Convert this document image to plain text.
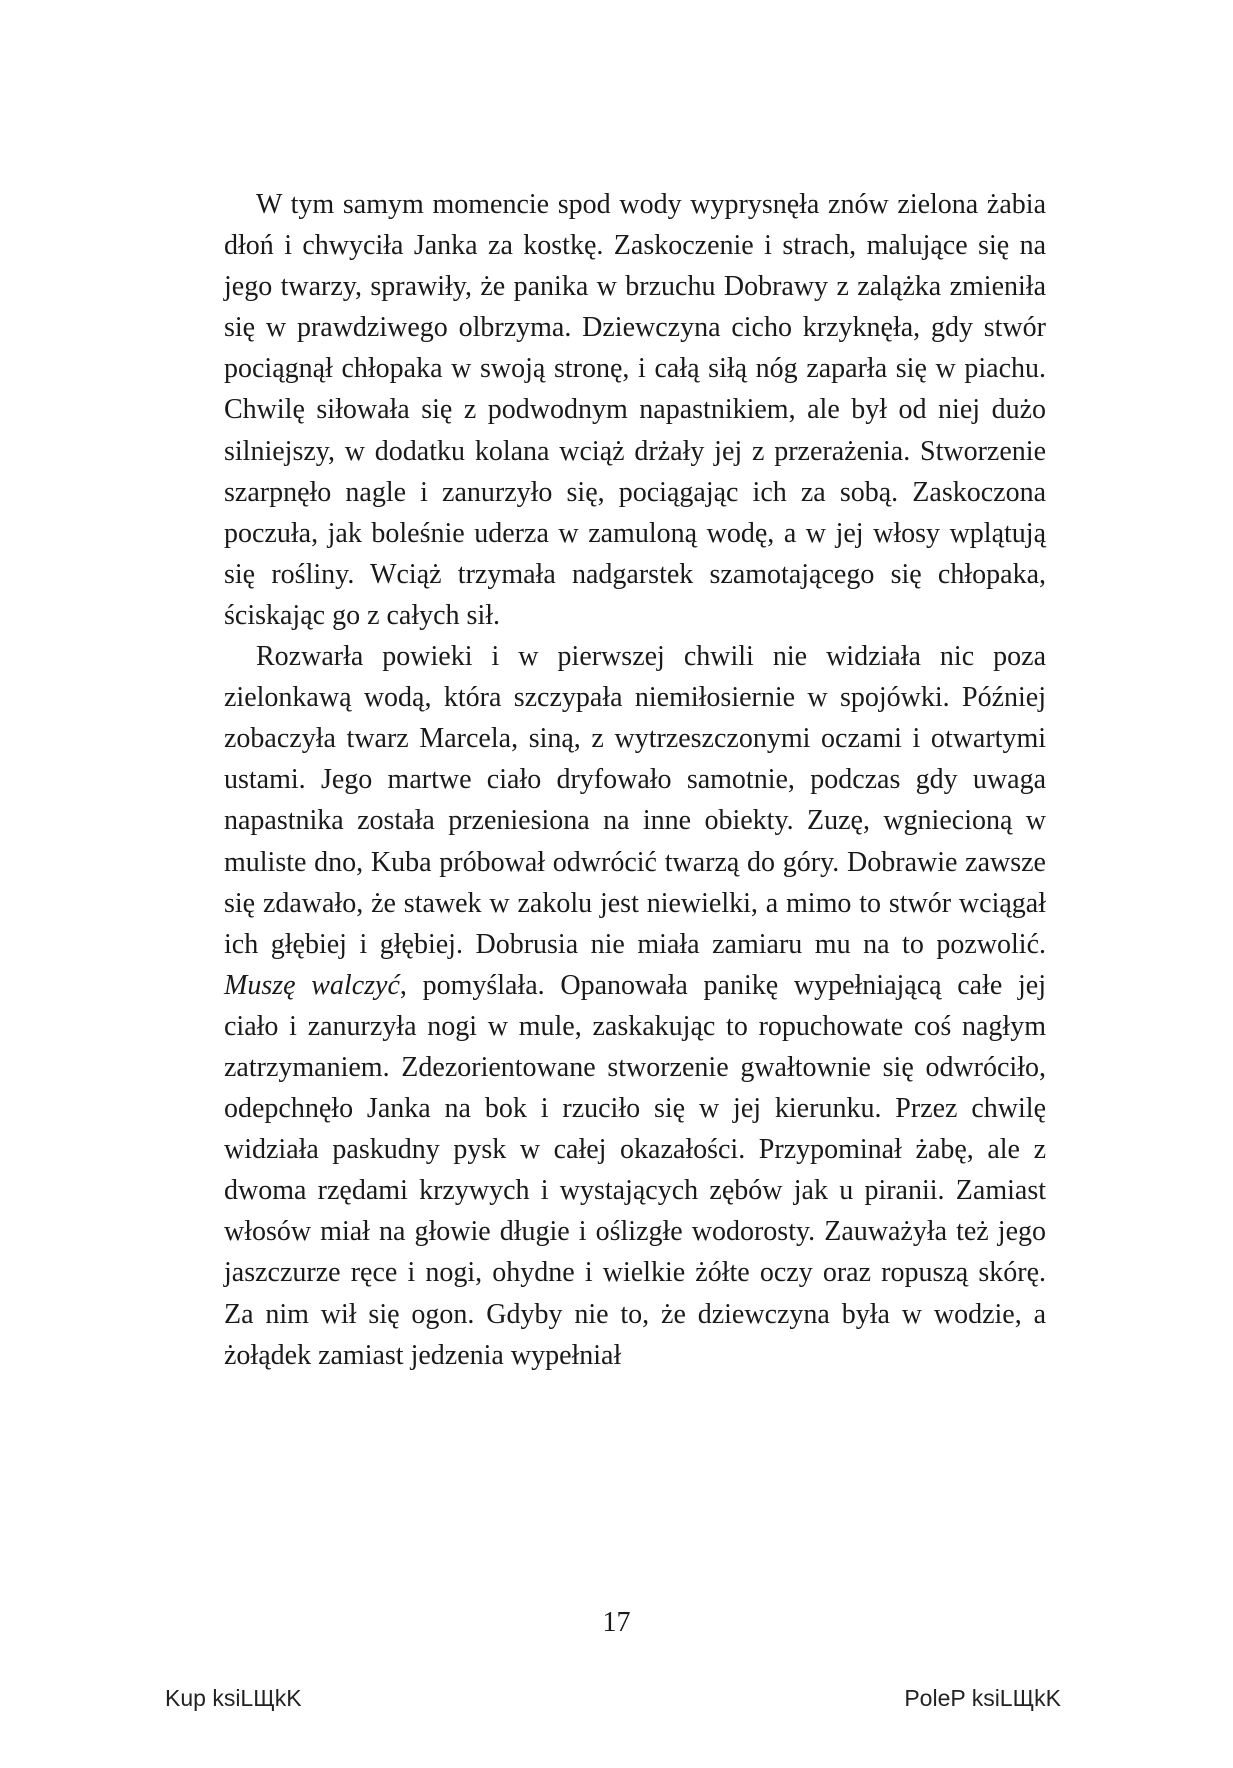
W tym samym momencie spod wody wyprysnęła znów zielona żabia dłoń i chwyciła Janka za kostkę. Zaskoczenie i strach, malujące się na jego twarzy, sprawiły, że panika w brzuchu Dobrawy z zalążka zmieniła się w prawdziwego olbrzyma. Dziewczyna cicho krzyknęła, gdy stwór pociągnął chłopaka w swoją stronę, i całą siłą nóg zaparła się w piachu. Chwilę siłowała się z podwodnym napastnikiem, ale był od niej dużo silniejszy, w dodatku kolana wciąż drżały jej z przerażenia. Stworzenie szarpnęło nagle i zanurzyło się, pociągając ich za sobą. Zaskoczona poczuła, jak boleśnie uderza w zamuloną wodę, a w jej włosy wplątują się rośliny. Wciąż trzymała nadgarstek szamotającego się chłopaka, ściskając go z całych sił.

Rozwarła powieki i w pierwszej chwili nie widziała nic poza zielonkawą wodą, która szczypała niemiłosiernie w spojówki. Później zobaczyła twarz Marcela, siną, z wytrzeszczonymi oczami i otwartymi ustami. Jego martwe ciało dryfowało samotnie, podczas gdy uwaga napastnika została przeniesiona na inne obiekty. Zuzę, wgniecioną w muliste dno, Kuba próbował odwrócić twarzą do góry. Dobrawie zawsze się zdawało, że stawek w zakolu jest niewielki, a mimo to stwór wciągał ich głębiej i głębiej. Dobrusia nie miała zamiaru mu na to pozwolić. Muszę walczyć, pomyślała. Opanowała panikę wypełniającą całe jej ciało i zanurzyła nogi w mule, zaskakując to ropuchowate coś nagłym zatrzymaniem. Zdezorientowane stworzenie gwałtownie się odwróciło, odepchnęło Janka na bok i rzuciło się w jej kierunku. Przez chwilę widziała paskudny pysk w całej okazałości. Przypominał żabę, ale z dwoma rzędami krzywych i wystających zębów jak u piranii. Zamiast włosów miał na głowie długie i oślizgłe wodorosty. Zauważyła też jego jaszczurze ręce i nogi, ohydne i wielkie żółte oczy oraz ropuszą skórę. Za nim wił się ogon. Gdyby nie to, że dziewczyna była w wodzie, a żołądek zamiast jedzenia wypełniał

17
Kup ksiLЩkK	PoleP ksiLЩkK
